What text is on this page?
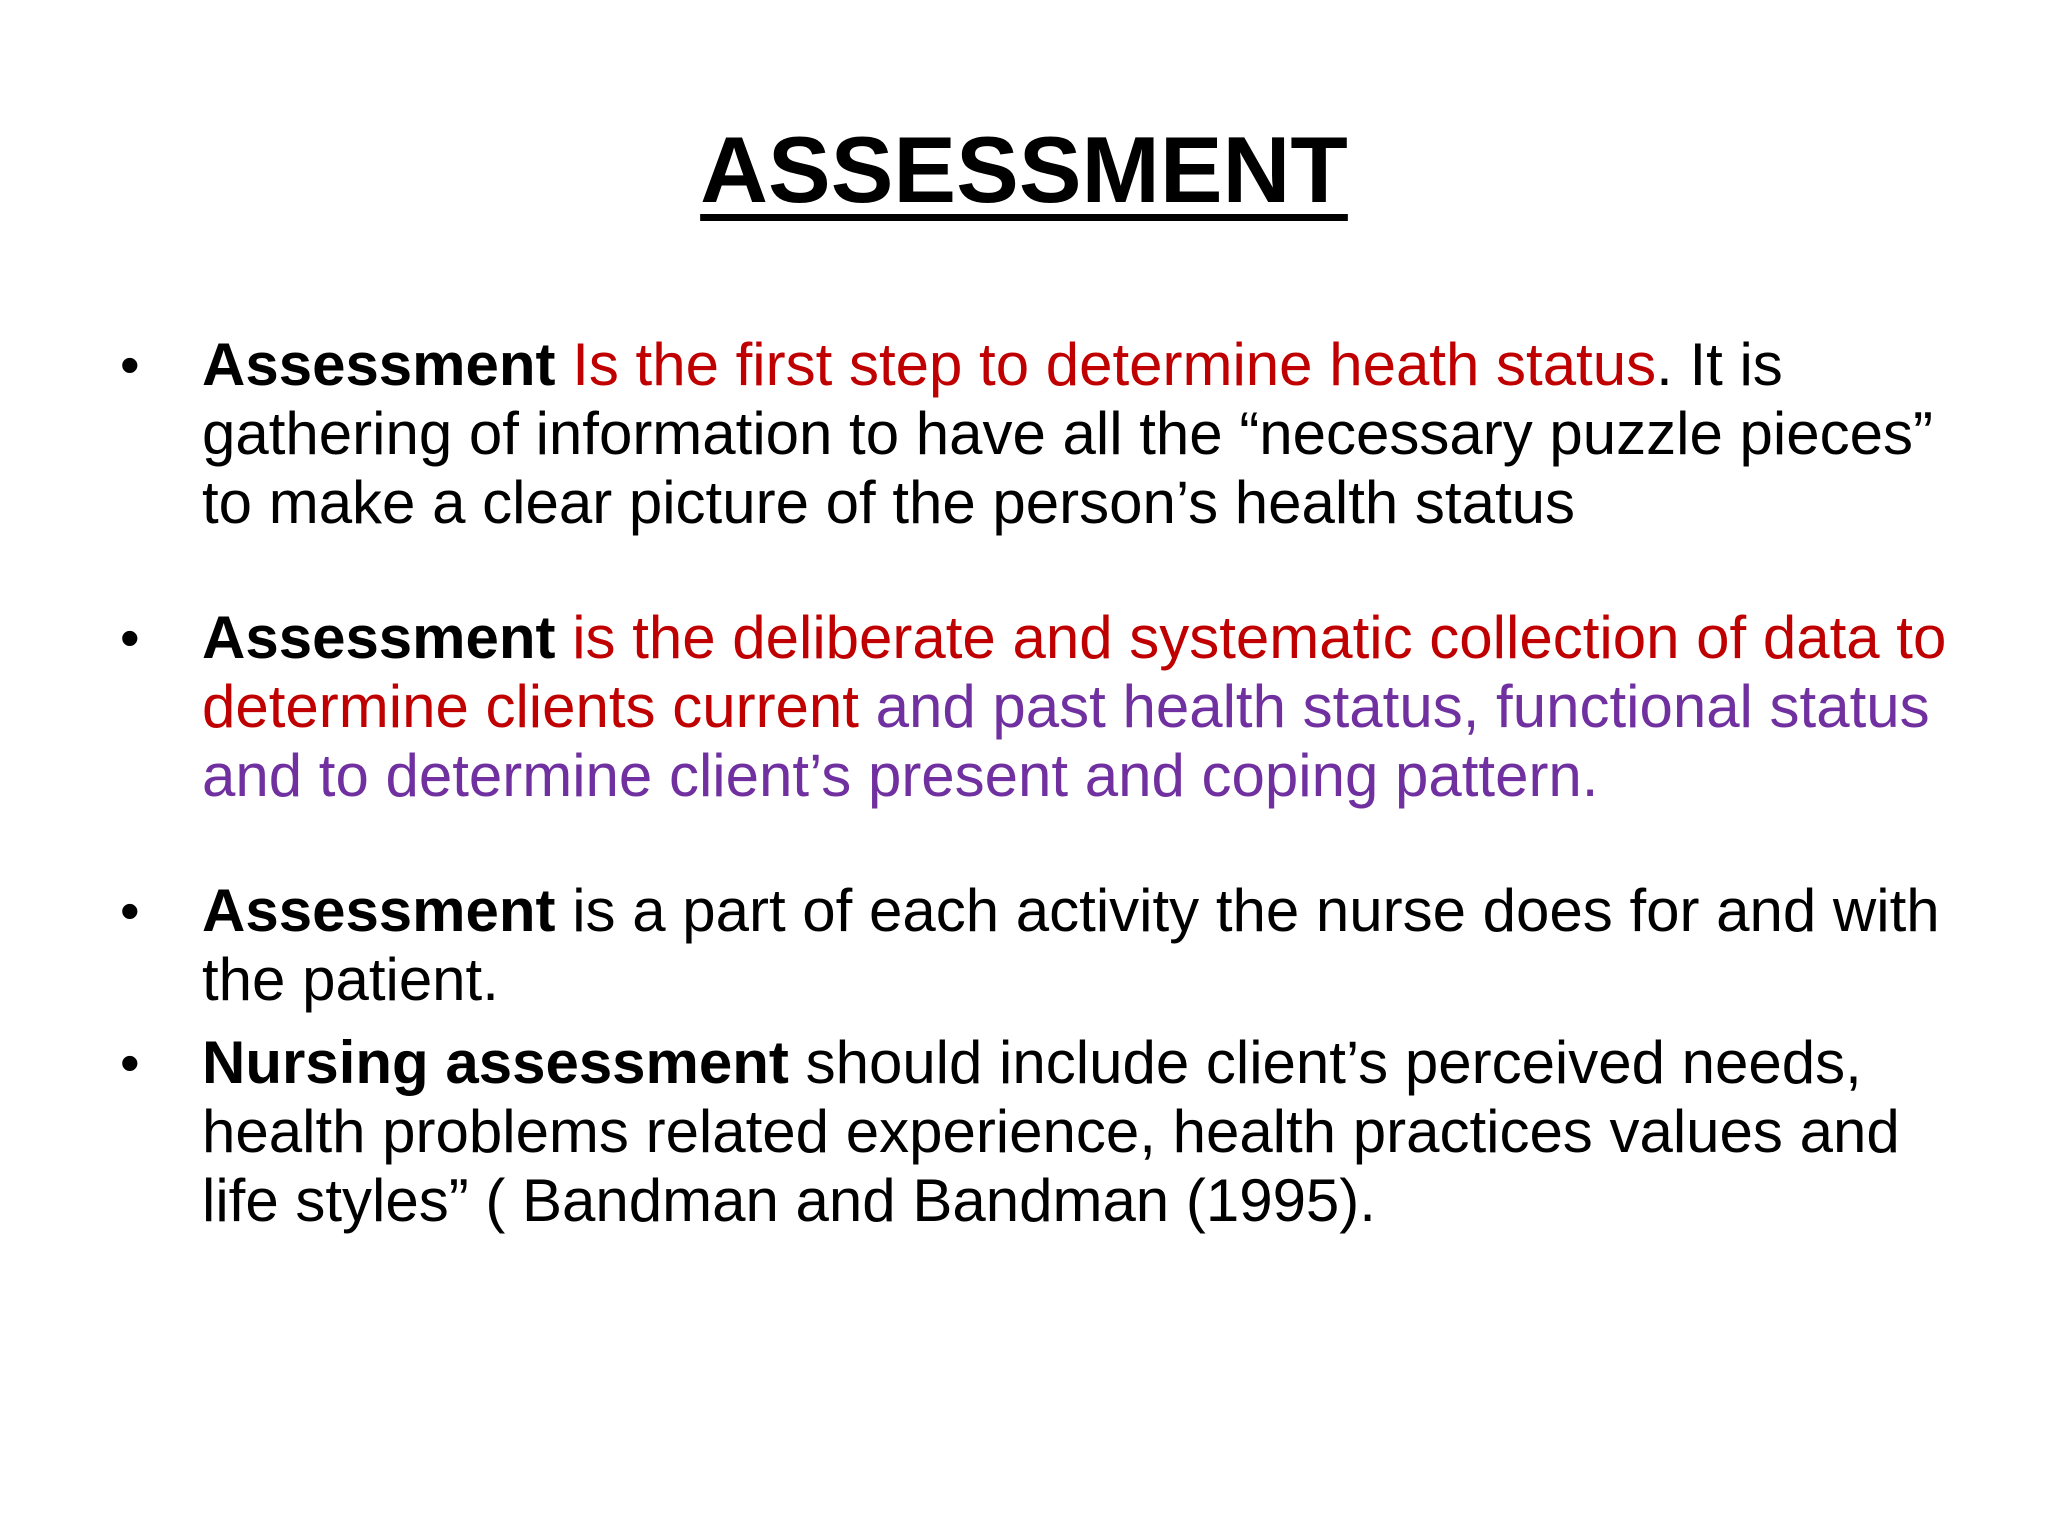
ASSESSMENT
•	Assessment Is the first step to determine heath status. It is gathering of information to have all the “necessary puzzle pieces” to make a clear picture of the person’s health status
•	Assessment is the deliberate and systematic collection of data to determine clients current and past health status, functional status and to determine client’s present and coping pattern.
•	Assessment is a part of each activity the nurse does for and with the patient.
•	Nursing assessment should include client’s perceived needs, health problems related experience, health practices values and life styles” ( Bandman and Bandman (1995).
